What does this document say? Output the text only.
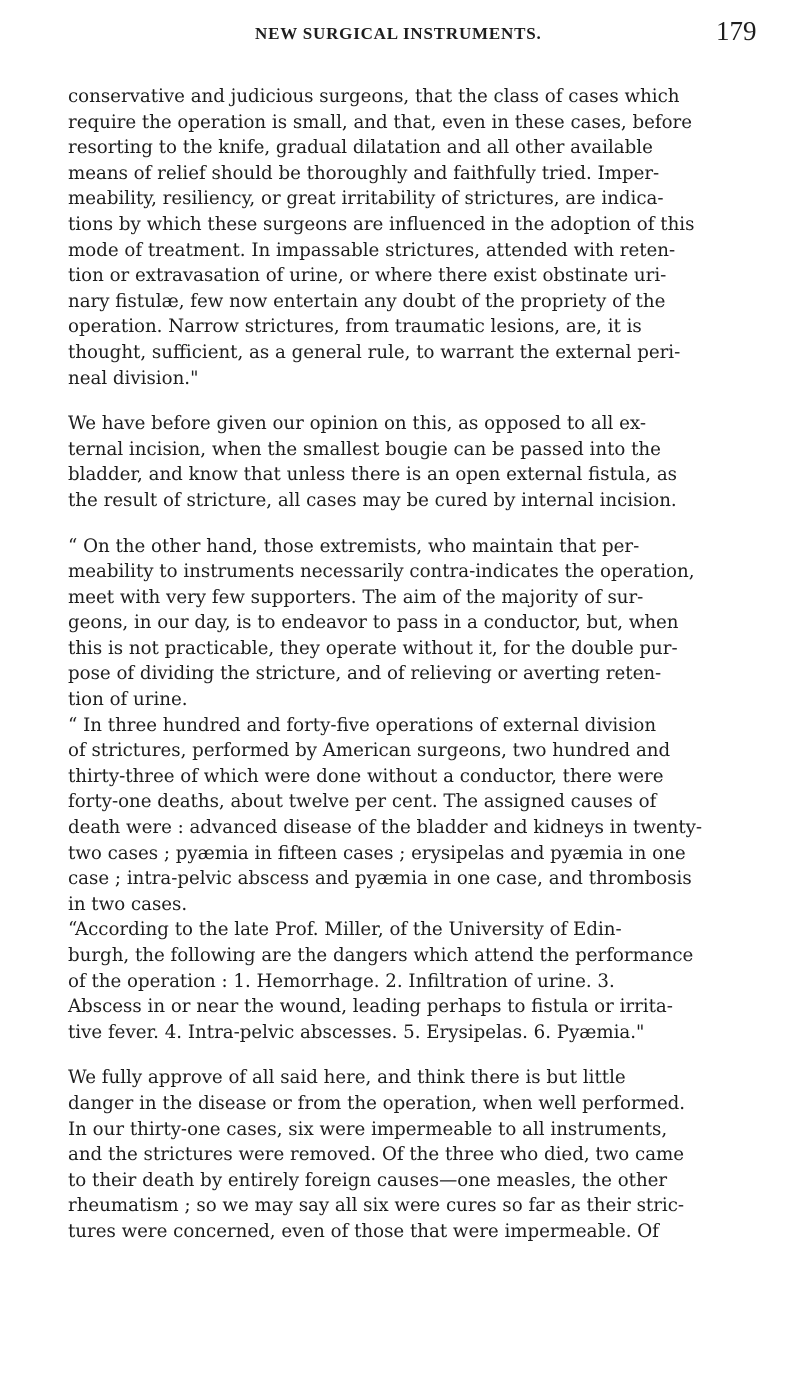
NEW SURGICAL INSTRUMENTS.	179
conservative and judicious surgeons, that the class of cases which
require the operation is small, and that, even in these cases, before
resorting to the knife, gradual dilatation and all other available
means of relief should be thoroughly and faithfully tried. Imper-
meability, resiliency, or great irritability of strictures, are indica-
tions by which these surgeons are influenced in the adoption of this
mode of treatment. In impassable strictures, attended with reten-
tion or extravasation of urine, or where there exist obstinate uri-
nary fistulæ, few now entertain any doubt of the propriety of the
operation. Narrow strictures, from traumatic lesions, are, it is
thought, sufficient, as a general rule, to warrant the external peri-
neal division."
We have before given our opinion on this, as opposed to all ex-
ternal incision, when the smallest bougie can be passed into the
bladder, and know that unless there is an open external fistula, as
the result of stricture, all cases may be cured by internal incision.
“ On the other hand, those extremists, who maintain that per-
meability to instruments necessarily contra-indicates the operation,
meet with very few supporters. The aim of the majority of sur-
geons, in our day, is to endeavor to pass in a conductor, but, when
this is not practicable, they operate without it, for the double pur-
pose of dividing the stricture, and of relieving or averting reten-
tion of urine.
“ In three hundred and forty-five operations of external division
of strictures, performed by American surgeons, two hundred and
thirty-three of which were done without a conductor, there were
forty-one deaths, about twelve per cent. The assigned causes of
death were : advanced disease of the bladder and kidneys in twenty-
two cases ; pyæmia in fifteen cases ; erysipelas and pyæmia in one
case ; intra-pelvic abscess and pyæmia in one case, and thrombosis
in two cases.
“According to the late Prof. Miller, of the University of Edin-
burgh, the following are the dangers which attend the performance
of the operation : 1. Hemorrhage. 2. Infiltration of urine. 3.
Abscess in or near the wound, leading perhaps to fistula or irrita-
tive fever. 4. Intra-pelvic abscesses. 5. Erysipelas. 6. Pyæmia."
We fully approve of all said here, and think there is but little
danger in the disease or from the operation, when well performed.
In our thirty-one cases, six were impermeable to all instruments,
and the strictures were removed. Of the three who died, two came
to their death by entirely foreign causes—one measles, the other
rheumatism ; so we may say all six were cures so far as their stric-
tures were concerned, even of those that were impermeable. Of
